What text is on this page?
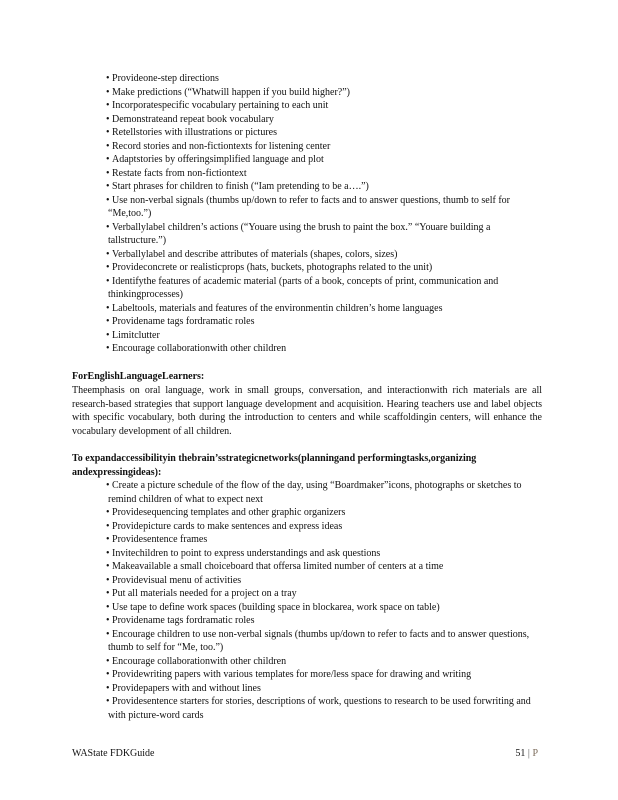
• Provideone‐step directions

• Make predictions (“Whatwill happen if you build higher?”)

• Incorporatespecific vocabulary pertaining to each unit

• Demonstrateand repeat book vocabulary

• Retellstories with illustrations or pictures

• Record stories and non‐fictiontexts for listening center

• Adaptstories by offeringsimplified language and plot

• Restate facts from non‐fictiontext

• Start phrases for children to finish (“Iam pretending to be a….”)

• Use non‐verbal signals (thumbs up/down to refer to facts and to answer questions, thumb to self for “Me,too.”)

• Verballylabel children’s actions (“Youare using the brush to paint the box.” “Youare building a tallstructure.”)

• Verballylabel and describe attributes of materials (shapes, colors, sizes)

• Provideconcrete or realisticprops (hats, buckets, photographs related to the unit)

• Identifythe features of academic material (parts of a book, concepts of print, communication and thinkingprocesses)

• Labeltools, materials and features of the environmentin children’s home languages

• Providename tags fordramatic roles

• Limitclutter

• Encourage collaborationwith other children

ForEnglishLanguageLearners:

Theemphasis on oral language, work in small groups, conversation, and interactionwith rich materials are all research‐based strategies that support language development and acquisition. Hearing teachers use and label objects with specific vocabulary, both during the introduction to centers and while scaffoldingin centers, will enhance the vocabulary development of all children.

To expandaccessibilityin thebrain’sstrategicnetworks(planningand performingtasks,organizing andexpressingideas):

• Create a picture schedule of the flow of the day, using “Boardmaker”icons, photographs or sketches to remind children of what to expect next

• Providesequencing templates and other graphic organizers

• Providepicture cards to make sentences and express ideas

• Providesentence frames

• Invitechildren to point to express understandings and ask questions

• Makeavailable a small choiceboard that offersa limited number of centers at a time

• Providevisual menu of activities

• Put all materials needed for a project on a tray

• Use tape to define work spaces (building space in blockarea, work space on table)

• Providename tags fordramatic roles

• Encourage children to use non‐verbal signals (thumbs up/down to refer to facts and to answer questions, thumb to self for “Me, too.”)

• Encourage collaborationwith other children

• Providewriting papers with various templates for more/less space for drawing and writing

• Providepapers with and without lines

• Providesentence starters for stories, descriptions of work, questions to research to be used forwriting and with picture‐word cards

WAState FDKGuide	51 | P
